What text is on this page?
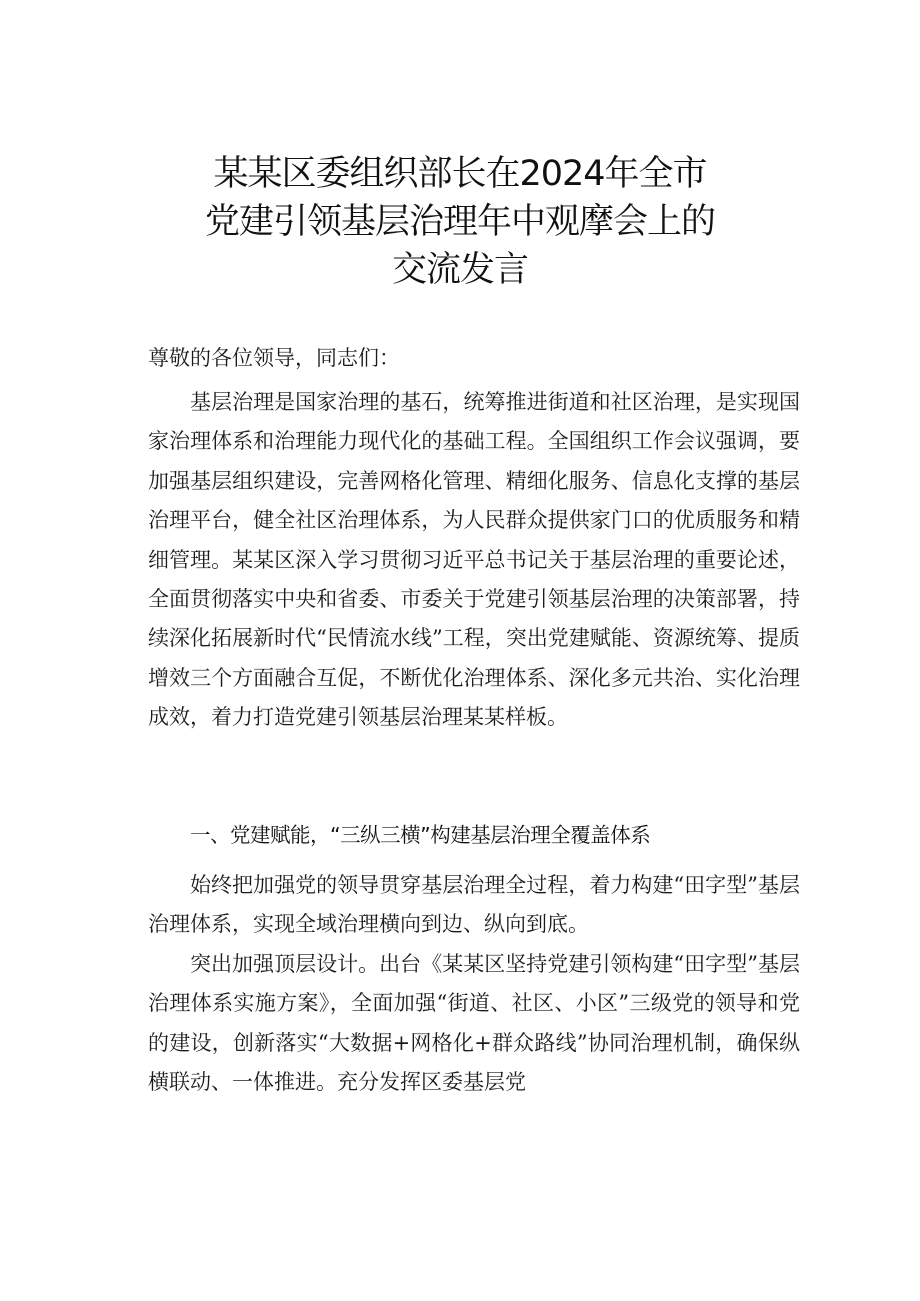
某某区委组织部长在2024年全市
党建引领基层治理年中观摩会上的
交流发言
尊敬的各位领导，同志们：

基层治理是国家治理的基石，统筹推进街道和社区治理，是实现国家治理体系和治理能力现代化的基础工程。全国组织工作会议强调，要加强基层组织建设，完善网格化管理、精细化服务、信息化支撑的基层治理平台，健全社区治理体系，为人民群众提供家门口的优质服务和精细管理。某某区深入学习贯彻习近平总书记关于基层治理的重要论述，全面贯彻落实中央和省委、市委关于党建引领基层治理的决策部署，持续深化拓展新时代“民情流水线”工程，突出党建赋能、资源统筹、提质增效三个方面融合互促，不断优化治理体系、深化多元共治、实化治理成效，着力打造党建引领基层治理某某样板。

一、党建赋能，“三纵三横”构建基层治理全覆盖体系

始终把加强党的领导贯穿基层治理全过程，着力构建“田字型”基层治理体系，实现全域治理横向到边、纵向到底。

突出加强顶层设计。出台《某某区坚持党建引领构建“田字型”基层治理体系实施方案》，全面加强“街道、社区、小区”三级党的领导和党的建设，创新落实“大数据+网格化+群众路线”协同治理机制，确保纵横联动、一体推进。充分发挥区委基层党
